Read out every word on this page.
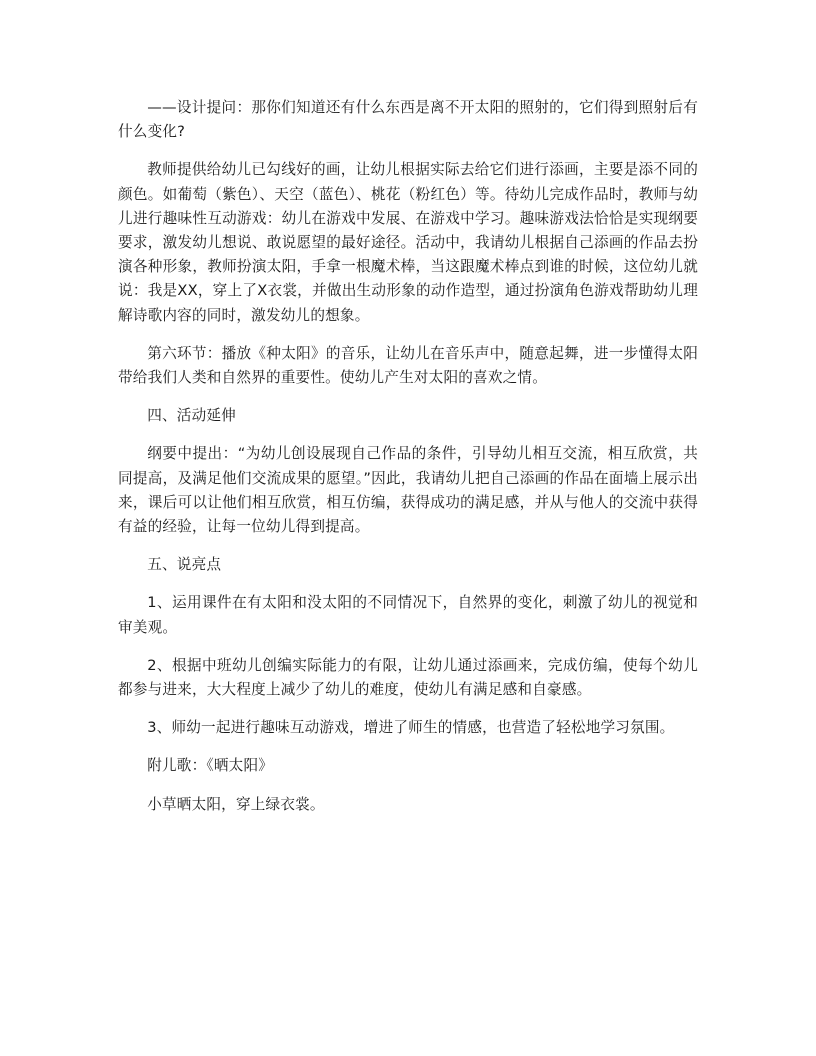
——设计提问：那你们知道还有什么东西是离不开太阳的照射的，它们得到照射后有什么变化?

教师提供给幼儿已勾线好的画，让幼儿根据实际去给它们进行添画，主要是添不同的颜色。如葡萄（紫色）、天空（蓝色）、桃花（粉红色）等。待幼儿完成作品时，教师与幼儿进行趣味性互动游戏：幼儿在游戏中发展、在游戏中学习。趣味游戏法恰恰是实现纲要要求，激发幼儿想说、敢说愿望的最好途径。活动中，我请幼儿根据自己添画的作品去扮演各种形象，教师扮演太阳，手拿一根魔术棒，当这跟魔术棒点到谁的时候，这位幼儿就说：我是XX，穿上了X衣裳，并做出生动形象的动作造型，通过扮演角色游戏帮助幼儿理解诗歌内容的同时，激发幼儿的想象。

第六环节：播放《种太阳》的音乐，让幼儿在音乐声中，随意起舞，进一步懂得太阳带给我们人类和自然界的重要性。使幼儿产生对太阳的喜欢之情。

四、活动延伸

纲要中提出：“为幼儿创设展现自己作品的条件，引导幼儿相互交流，相互欣赏，共同提高，及满足他们交流成果的愿望。”因此，我请幼儿把自己添画的作品在面墙上展示出来，课后可以让他们相互欣赏，相互仿编，获得成功的满足感，并从与他人的交流中获得有益的经验，让每一位幼儿得到提高。

五、说亮点

1、运用课件在有太阳和没太阳的不同情况下，自然界的变化，刺激了幼儿的视觉和审美观。

2、根据中班幼儿创编实际能力的有限，让幼儿通过添画来，完成仿编，使每个幼儿都参与进来，大大程度上减少了幼儿的难度，使幼儿有满足感和自豪感。

3、师幼一起进行趣味互动游戏，增进了师生的情感，也营造了轻松地学习氛围。

附儿歌：《晒太阳》

小草晒太阳，穿上绿衣裳。
